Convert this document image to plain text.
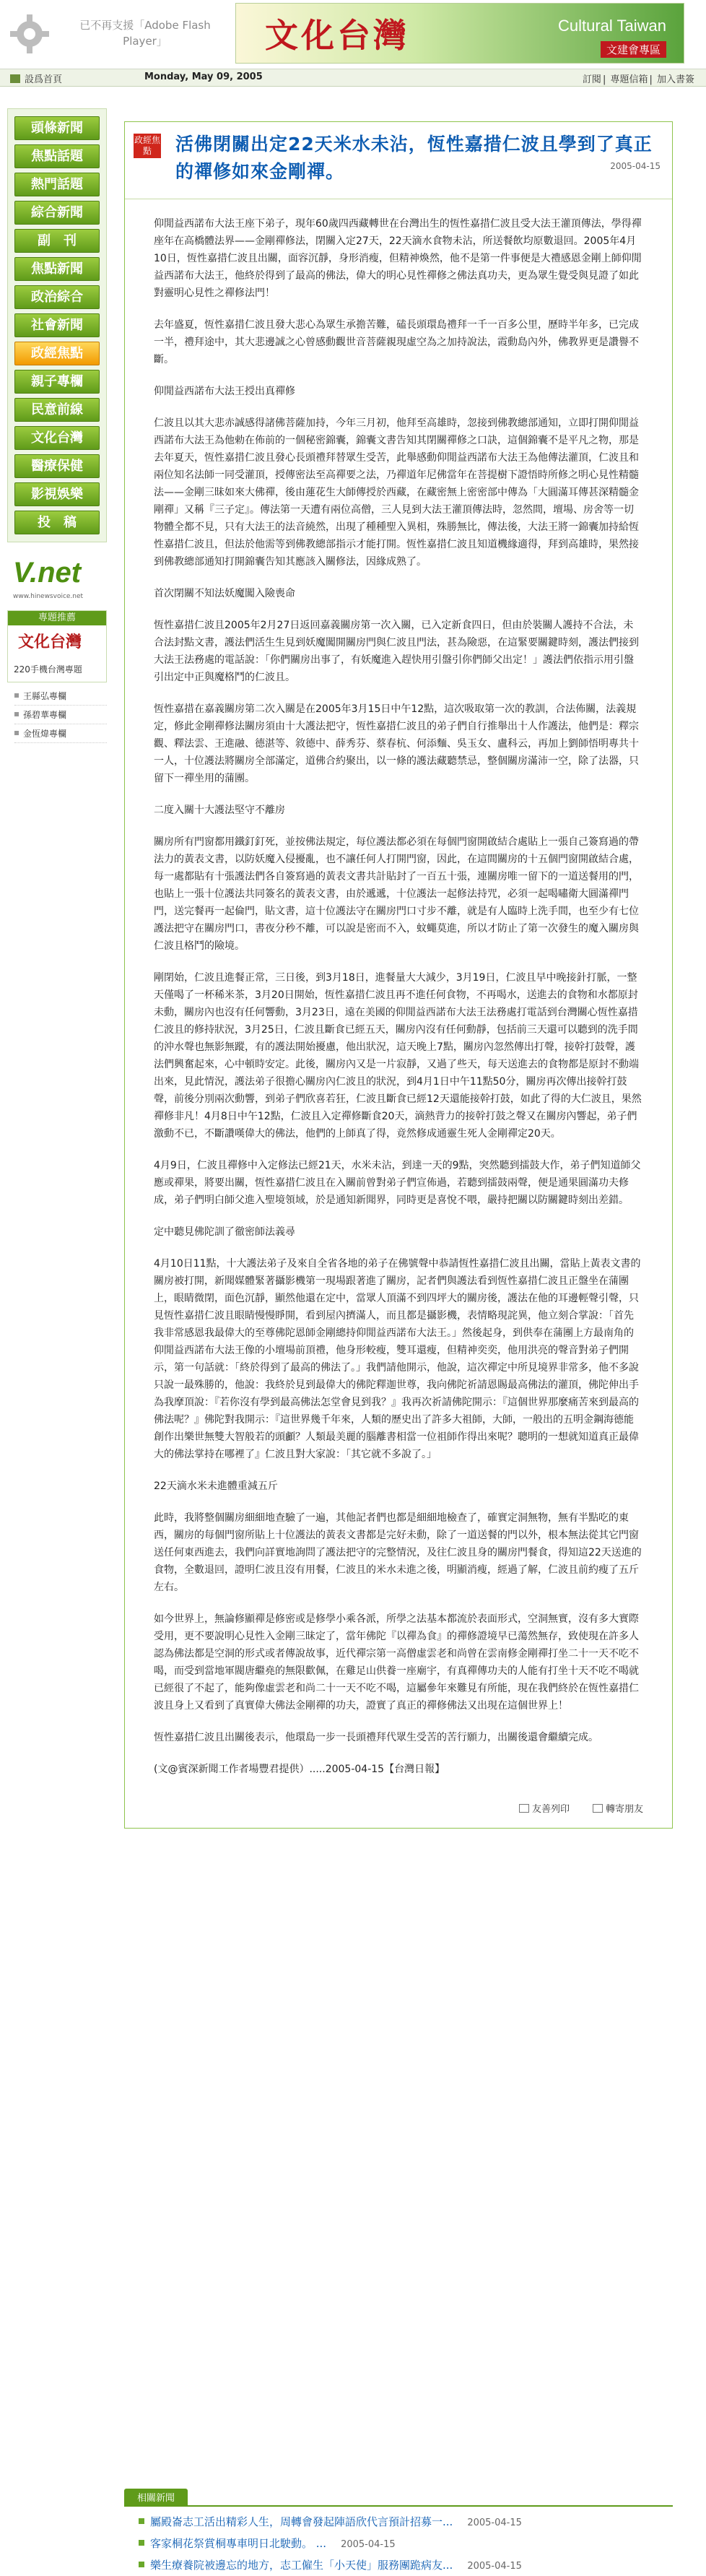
已不再支援「Adobe Flash Player」	文化台灣	Cultural Taiwan
文建會專區
設爲首頁	Monday, May 09, 2005	訂閱 | 專題信箱 | 加入書簽
頭條新聞
焦點話題
熱門話題
綜合新聞
副　刊
焦點新聞
政治綜合
社會新聞
政經焦點
親子專欄
民意前線
文化台灣
醫療保健
影視娛樂
投　稿
V.net
www.hinewsvoice.net
專題推薦
文化台灣
220手機台灣專題
王縣弘專欄
孫碧華專欄
金恆煒專欄
政經焦點	活佛閉關出定22天米水未沾，恆性嘉措仁波且學到了真正的禪修如來金剛禪。	2005-04-15

仰閒益西諾布大法王座下弟子，現年60歲四西藏轉世在台灣出生的恆性嘉措仁波且受大法王灌頂傳法，學得禪座年在高橋體法界——金剛禪修法，閉關入定27天，22天滴水食物未沾，所送餐飲均原數退回。2005年4月10日，恆性嘉措仁波且出關，面容沉靜，身形消瘦，但精神煥然，他不是第一件事便是大禮感恩金剛上師仰閒益西諾布大法王，他終於得到了最高的佛法，偉大的明心見性禪修之佛法真功夫，更為眾生覺受與見證了如此對靈明心見性之禪修法門！

去年盛夏，恆性嘉措仁波且發大悲心為眾生承擔苦難，磕長頭環島禮拜一千一百多公里，歷時半年多，已完成一半，禮拜途中，其大悲邊誠之心曾感動觀世音菩薩親現虛空為之加持說法，霞動島內外，佛教界更是讚譽不斷。

仰閒益西諾布大法王授出真禪修

仁波且以其大悲赤誠感得諸佛菩薩加持，今年三月初，他拜至高雄時，忽接到佛教總部通知，立即打開仰閒益西諾布大法王為他勅在佈前的一個秘密錦囊，錦囊文書告知其閉關禪修之口訣，這個錦囊不是平凡之物，那是去年夏天，恆性嘉措仁波且發心長頭禮拜替眾生受苦，此舉感動仰閒益西諾布大法王為他傳法灌頂，仁波且和兩位知名法師一同受灌頂，授傳密法至高禪要之法，乃禪道年尼佛當年在菩提樹下證悟時所修之明心見性精髓法——金剛三昧如來大佛禪，後由蓮花生大師傳授於西藏，在藏密無上密密部中傳為「大圓滿耳傳甚深精髓金剛禪」又稱『三子定』。傳法第一天遭有兩位高僧，三人見到大法王灌頂傳法時，忽然間，壇場、房舍等一切物體全都不見，只有大法王的法音繞然，出現了種種聖入異相，殊勝無比，傳法後，大法王將一錦囊加持給恆性嘉措仁波且，但法於他需等到佛教總部指示才能打開。恆性嘉措仁波且知道機緣適得，拜到高雄時，果然接到佛教總部通知打開錦囊告知其應該入關修法，因緣成熟了。

首次閉關不知法妖魔闖入險喪命

恆性嘉措仁波且2005年2月27日返回嘉義關房第一次入關，已入定新食四日，但由於裝關人護持不合法，未合法封點文書，護法們活生生見到妖魔闖開關房門與仁波且門法，甚為險惡，在這緊要關鍵時刻，護法們接到大法王法務處的電話說：「你們關房出事了，有妖魔進入趕快用引盤引你們師父出定！」護法們依指示用引盤引出定中正與魔格鬥的仁波且。

恆性嘉措在嘉義關房第二次入關是在2005年3月15日中午12點，這次吸取第一次的教訓，合法佈關，法義規定，修此金剛禪修法關房須由十大護法把守，恆性嘉措仁波且的弟子們自行推舉出十人作護法，他們是：釋宗觀、釋法雲、王進融、德湛等、敘德中、薛秀芬、蔡春杭、何添麵、吳玉女、盧科云，再加上劉師悟明專共十一人，十位護法將關房全部滿定，道佛合約聚出，以一條的護法藏聽禁忌，整個關房滿沛一空，除了法器，只留下一禪坐用的蒲團。

二度入關十大護法堅守不離房

關房所有門窗都用鐵釘釘死，並按佛法規定，每位護法都必須在每個門窗開啟結合處貼上一張自己簽寫過的帶法力的黃表文書，以防妖魔入侵擾亂，也不讓任何人打開門窗，因此，在這間關房的十五個門窗開啟結合處，每一處都貼有十張護法們各自簽寫過的黃表文書共計貼封了一百五十張，連關房唯一留下的一道送餐用的門，也貼上一張十位護法共同簽名的黃表文書，由於遞遞，十位護法一起修法持咒，必須一起喝嘯衛大圓滿禪門門，送完餐再一起倫門，貼文書，這十位護法守在關房門口寸步不離，就是有人臨時上洗手間，也至少有七位護法把守在關房門口，書夜分秒不離，可以說是密而不入，蚊蠅莫進，所以才防止了第一次發生的魔入關房與仁波且格鬥的險境。

剛閉始，仁波且進餐正常，三日後，到3月18日，進餐量大大減少，3月19日，仁波且早中晚接針打脈，一整天僅喝了一杯稀米茶，3月20日開始，恆性嘉措仁波且再不進任何食物，不再喝水，送進去的食物和水都原封未動，關房內也沒有任何響動，3月23日，遠在美國的仰閒益西諾布大法王法務處打電話到台灣關心恆性嘉措仁波且的修持狀況，3月25日，仁波且斷食已經五天，關房內沒有任何動靜，包括前三天還可以聽到的洗手間的沖水聲也無影無蹤，有的護法開始擾慮，他出狀況，這天晚上7點，關房內忽然傳出打聲，接幹打鼓聲，護法們興奮起來，心中頓時安定。此後，關房內又是一片寂靜，又過了些天，每天送進去的食物都是原封不動端出來，見此情況，護法弟子很擔心關房內仁波且的狀況，到4月1日中午11點50分，關房再次傳出接幹打鼓聲，前後分別兩次動響，到弟子們欣喜若狂，仁波且斷食已經12天還能接幹打鼓，如此了得的大仁波且，果然禪修非凡！4月8日中午12點，仁波且入定禪修斷食20天，滴熱背力的接幹打鼓之聲又在關房內響起，弟子們激動不已，不斷讚嘆偉大的佛法，他們的上師真了得，竟然修成通靈生死人金剛禪定20天。

4月9日，仁波且禪修中入定修法已經21天，水米未沾，到達一天的9點，突然聽到擂鼓大作，弟子們知道師父應或禪果，將要出關，恆性嘉措仁波且在入關前曾對弟子們宣佈過，若聽到擂鼓兩聲，便是通果圓滿功夫修成，弟子們明白師父進入聖境領域，於是通知新聞界，同時更是喜悅不喂，嚴持把關以防關鍵時刻出差錯。

定中聽見佛陀訓了徹密師法義尋

4月10日11點，十大護法弟子及來自全省各地的弟子在佛號聲中恭請恆性嘉措仁波且出關，當貼上黃表文書的關房被打開，新聞媒體緊著攝影機第一現場跟著進了關房，記者們與護法看到恆性嘉措仁波且正盤坐在蒲團上，眼睛微閉，面色沉靜，顯然他還在定中，當眾人頂滿不到四坪大的關房後，護法在他的耳邊輕聲引聲，只見恆性嘉措仁波且眼睛慢慢睜開，看到屋內擠滿人，而且都是攝影機，表情略現詫異，他立刻合掌說：「首先我非常感恩我最偉大的至尊佛陀恩師金剛總持仰閒益西諾布大法王。」然後起身，到供奉在蒲團上方最南角的仰閒益西諾布大法王像的小壇場前頂禮，他身形較瘦，雙耳還瘦，但精神奕奕，他用洪亮的聲音對弟子們開示，第一句話就：「終於得到了最高的佛法了。」我們請他開示，他說，這次禪定中所見境界非常多，他不多說只說一最殊勝的，他說：我終於見到最偉大的佛陀釋迦世尊，我向佛陀祈請恩賜最高佛法的灌頂，佛陀伸出手為我摩頂說：『若你沒有學到最高佛法怎堂會見到我？』我再次祈請佛陀開示：『這個世界那麼痛苦來到最高的佛法呢？』佛陀對我開示：『這世界幾千年來，人類的歷史出了許多大祖師，大師，一般出的五明金鋼海德能創作出樂世無雙大智般若的頭顱？人類最美麗的腦離書相當一位祖師作得出來呢？聰明的一想就知道真正最偉大的佛法掌持在哪裡了』仁波且對大家說：「其它就不多說了。」

22天滴水米未進體重減五斤

此時，我將整個關房細細地查驗了一遍，其他記者們也都是細細地檢查了，確實定洞無物，無有半點吃的東西，關房的每個門窗所貼上十位護法的黃表文書都是完好未動，除了一道送餐的門以外，根本無法從其它門窗送任何東西進去，我們向詳實地詢問了護法把守的完整情況，及往仁波且身的關房門餐食，得知這22天送進的食物，全數退回，證明仁波且沒有用餐，仁波且的米水未進之後，明顯消瘦，經過了解，仁波且前約瘦了五斤左右。

如今世界上，無論修顯禪是修密或是修學小乘各派，所學之法基本都流於表面形式，空洞無實，沒有多大實際受用，更不要說明心見性入金剛三昧定了，當年佛陀『以禪為食』的禪修證境早已蕩然無存，致使現在許多人認為佛法都是空洞的形式或者傳說故事，近代禪宗第一高僧虛雲老和尚曾在雲南修金剛禪打坐二十一天不吃不喝，而受到當地軍閥唐繼堯的無限歡佩，在雞足山供養一座廟宇，有真禪傳功夫的人能有打坐十天不吃不喝就已經很了不起了，能夠像虛雲老和尚二十一天不吃不喝，這屬參年來難見有所能，現在我們終於在恆性嘉措仁波且身上又看到了真實偉大佛法金剛禪的功夫，證實了真正的禪修佛法又出現在這個世界上！

恆性嘉措仁波且出關後表示，他環島一步一長頭禮拜代眾生受苦的苦行願力，出關後還會繼續完成。

(文@賓深新聞工作者場豐君提供）.....2005-04-15【台灣日報】

友善列印	轉寄朋友
相關新聞
屬殿崙志工活出精彩人生，周轉會發起陣語欣代言預計招募一... 2005-04-15
客家桐花祭賞桐專車明日北駛動。 ... 2005-04-15
樂生療養院被邊忘的地方，志工僱生「小天使」服務團跪病友... 2005-04-15
